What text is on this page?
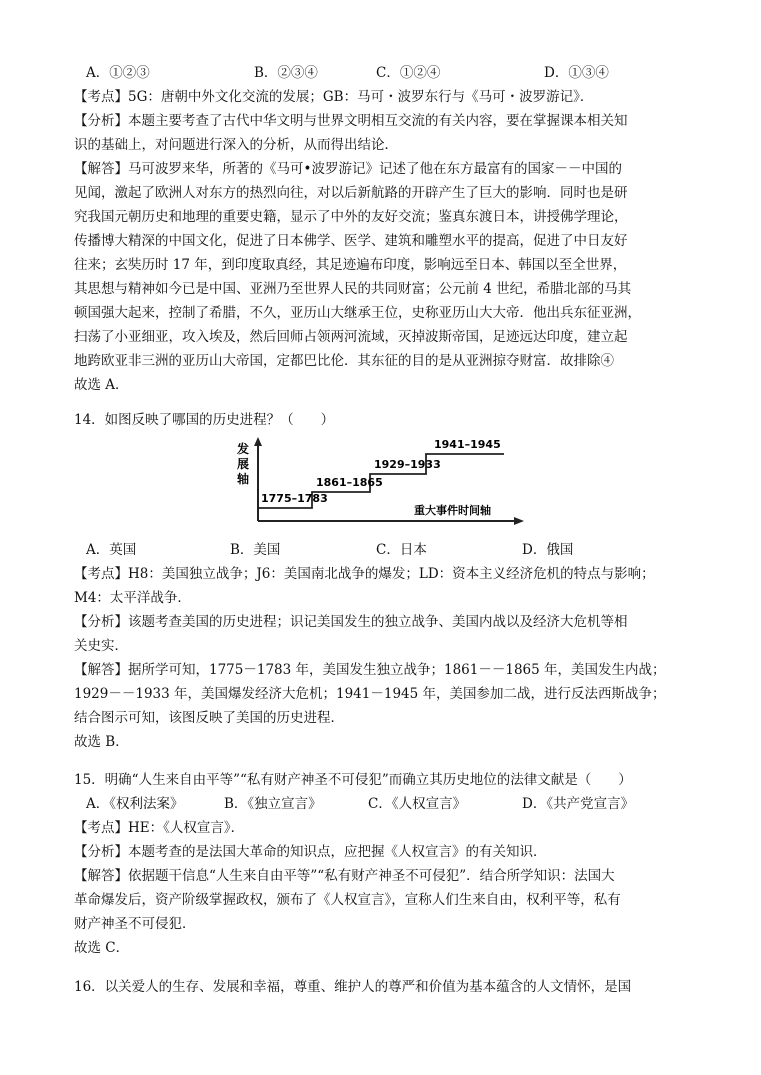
A．①②③	B．②③④	C．①②④	D．①③④
【考点】5G：唐朝中外文化交流的发展；GB：马可・波罗东行与《马可・波罗游记》．
【分析】本题主要考查了古代中华文明与世界文明相互交流的有关内容，要在掌握课本相关知
识的基础上，对问题进行深入的分析，从而得出结论．
【解答】马可波罗来华，所著的《马可•波罗游记》记述了他在东方最富有的国家－－中国的
见闻，激起了欧洲人对东方的热烈向往，对以后新航路的开辟产生了巨大的影响．同时也是研
究我国元朝历史和地理的重要史籍，显示了中外的友好交流；鉴真东渡日本，讲授佛学理论，
传播博大精深的中国文化，促进了日本佛学、医学、建筑和雕塑水平的提高，促进了中日友好
往来；玄奘历时 17 年，到印度取真经，其足迹遍布印度，影响远至日本、韩国以至全世界，
其思想与精神如今已是中国、亚洲乃至世界人民的共同财富；公元前 4 世纪，希腊北部的马其
顿国强大起来，控制了希腊，不久，亚历山大继承王位，史称亚历山大大帝．他出兵东征亚洲，
扫荡了小亚细亚，攻入埃及，然后回师占领两河流域，灭掉波斯帝国，足迹远达印度，建立起
地跨欧亚非三洲的亚历山大帝国，定都巴比伦．其东征的目的是从亚洲掠夺财富．故排除④
故选 A．
14．如图反映了哪国的历史进程？（　　）
发
展
轴
1775–1783
1861–1865
1929–1933
1941–1945
重大事件时间轴
A．英国	B．美国	C．日本	D．俄国
【考点】H8：美国独立战争；J6：美国南北战争的爆发；LD：资本主义经济危机的特点与影响；
M4：太平洋战争．
【分析】该题考查美国的历史进程；识记美国发生的独立战争、美国内战以及经济大危机等相
关史实．
【解答】据所学可知，1775－1783 年，美国发生独立战争；1861－－1865 年，美国发生内战；
1929－－1933 年，美国爆发经济大危机；1941－1945 年，美国参加二战，进行反法西斯战争；
结合图示可知，该图反映了美国的历史进程．
故选 B．
15．明确“人生来自由平等”“私有财产神圣不可侵犯”而确立其历史地位的法律文献是（　　）
A．《权利法案》	B．《独立宣言》	C．《人权宣言》	D．《共产党宣言》
【考点】HE：《人权宣言》．
【分析】本题考查的是法国大革命的知识点，应把握《人权宣言》的有关知识．
【解答】依据题干信息“人生来自由平等”“私有财产神圣不可侵犯”．结合所学知识：法国大
革命爆发后，资产阶级掌握政权，颁布了《人权宣言》，宣称人们生来自由，权利平等，私有
财产神圣不可侵犯．
故选 C．
16．以关爱人的生存、发展和幸福，尊重、维护人的尊严和价值为基本蕴含的人文情怀，是国
